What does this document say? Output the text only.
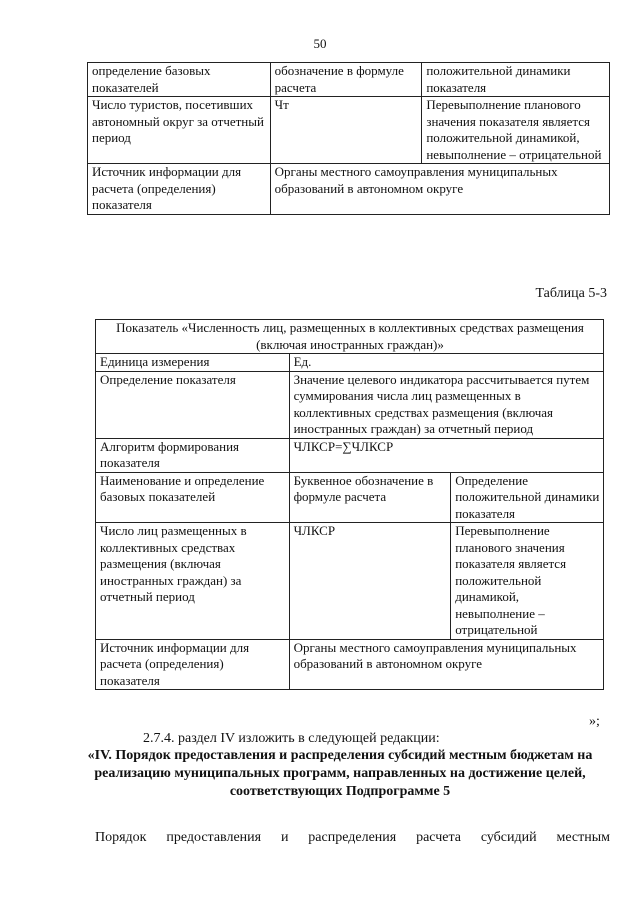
50
определение базовых показателей	обозначение в формуле расчета	положительной динамики показателя
Число туристов, посетивших автономный округ за отчетный период	Чт	Перевыполнение планового значения показателя является положительной динамикой, невыполнение – отрицательной
Источник информации для расчета (определения) показателя	Органы местного самоуправления муниципальных образований в автономном округе	
Таблица 5-3
Показатель «Численность лиц, размещенных в коллективных средствах размещения (включая иностранных граждан)»		
Единица измерения	Ед.	
Определение показателя	Значение целевого индикатора рассчитывается путем суммирования числа лиц размещенных в коллективных средствах размещения (включая иностранных граждан) за отчетный период	
Алгоритм формирования показателя	ЧЛКСР=∑ЧЛКСР	
Наименование и определение базовых показателей	Буквенное обозначение в формуле расчета	Определение положительной динамики показателя
Число лиц размещенных в коллективных средствах размещения (включая иностранных граждан) за отчетный период	ЧЛКСР	Перевыполнение планового значения показателя является положительной динамикой, невыполнение – отрицательной
Источник информации для расчета (определения) показателя	Органы местного самоуправления муниципальных образований в автономном округе	
»;
2.7.4. раздел IV изложить в следующей редакции:
«IV. Порядок предоставления и распределения субсидий местным бюджетам на реализацию муниципальных программ, направленных на достижение целей, соответствующих Подпрограмме 5
Порядок предоставления и распределения расчета субсидий местным
